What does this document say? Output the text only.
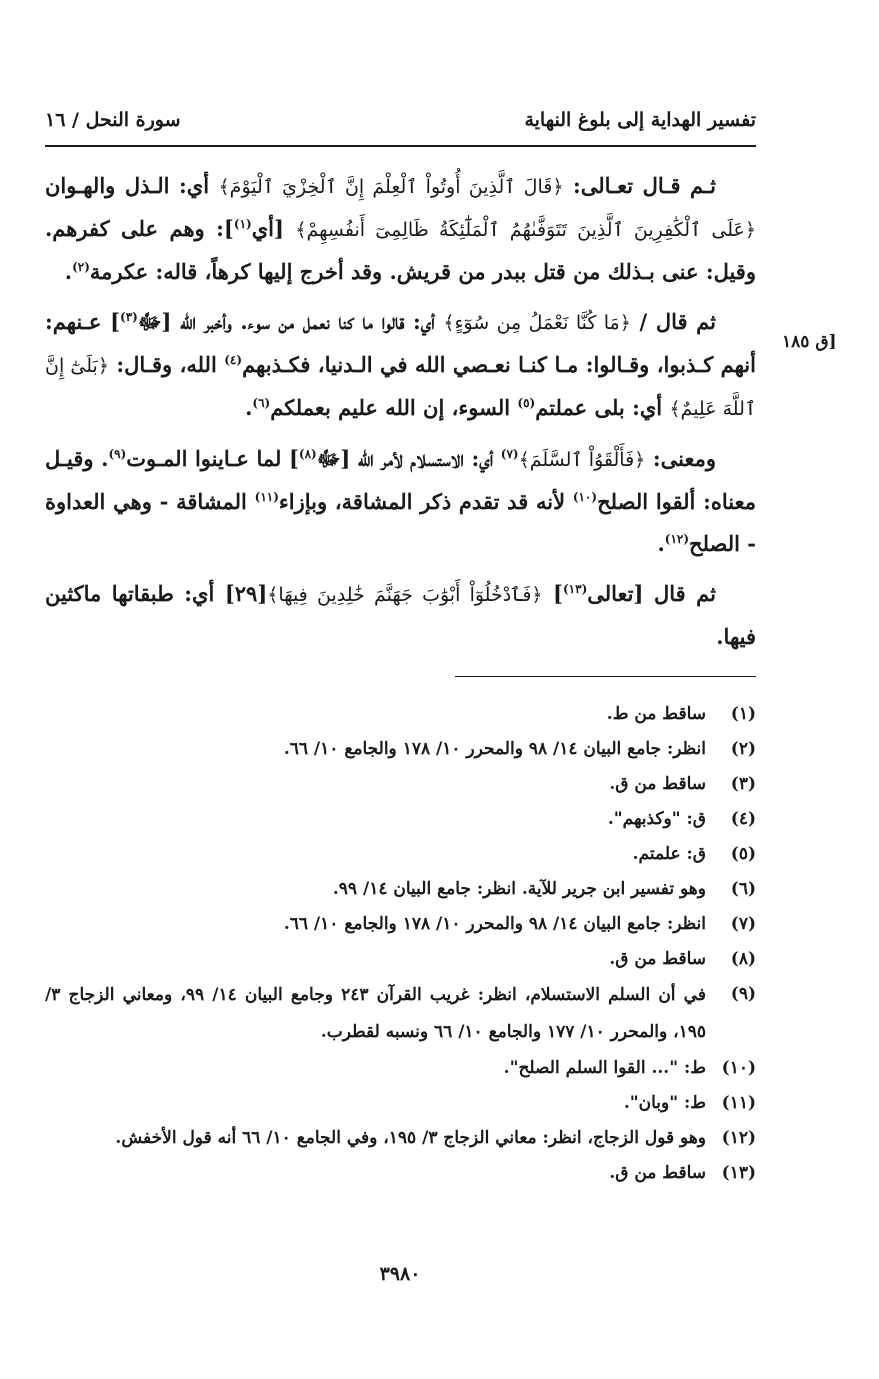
تفسير الهداية إلى بلوغ النهاية
سورة النحل / ١٦
[ق ١٨٥

ثـم قـال تعـالى: ﴿قَالَ ٱلَّذِينَ أُوتُواْ ٱلْعِلْمَ إِنَّ ٱلْخِزْيَ ٱلْيَوْمَ﴾ أي: الـذل والهـوان ﴿عَلَى ٱلْكَٰفِرِينَ ٱلَّذِينَ تَتَوَفَّىٰهُمُ ٱلْمَلَٰٓئِكَةُ ظَالِمِىٓ أَنفُسِهِمْ﴾ [أي$^{(١)}$]: وهم على كفرهم. وقيل: عنى بـذلك من قتل ببدر من قريش. وقد أخرج إليها كرهاً، قاله: عكرمة$^{(٢)}$.

ثم قال / ﴿مَا كُنَّا نَعْمَلُ مِن سُوٓءٍ﴾ أي: قالوا ما كنا نعمل من سوء. وأخبر الله [ﷻ$^{(٣)}$] عـنهم: أنهم كـذبوا، وقـالوا: مـا كنـا نعـصي الله في الـدنيا، فكـذبهم$^{(٤)}$ الله، وقـال: ﴿بَلَىٰٓ إِنَّ ٱللَّهَ عَلِيمٌ﴾ أي: بلى عملتم$^{(٥)}$ السوء، إن الله عليم بعملكم$^{(٦)}$.

ومعنى: ﴿فَأَلْقَوُاْ ٱلسَّلَمَ﴾$^{(٧)}$ أي: الاستسلام لأمر الله [ﷻ$^{(٨)}$] لما عـاينوا المـوت$^{(٩)}$. وقيـل معناه: ألقوا الصلح$^{(١٠)}$ لأنه قد تقدم ذكر المشاقة، وبإزاء$^{(١١)}$ المشاقة - وهي العداوة - الصلح$^{(١٢)}$.

ثم قال [تعالى$^{(١٣)}$] ﴿فَٱدْخُلُوٓاْ أَبْوَٰبَ جَهَنَّمَ خَٰلِدِينَ فِيهَا﴾[٢٩] أي: طبقاتها ماكثين فيها.

(١)
ساقط من ط.
(٢)
انظر: جامع البيان ١٤/ ٩٨ والمحرر ١٠/ ١٧٨ والجامع ١٠/ ٦٦.
(٣)
ساقط من ق.
(٤)
ق: "وكذبهم".
(٥)
ق: علمتم.
(٦)
وهو تفسير ابن جرير للآية. انظر: جامع البيان ١٤/ ٩٩.
(٧)
انظر: جامع البيان ١٤/ ٩٨ والمحرر ١٠/ ١٧٨ والجامع ١٠/ ٦٦.
(٨)
ساقط من ق.
(٩)
في أن السلم الاستسلام، انظر: غريب القرآن ٢٤٣ وجامع البيان ١٤/ ٩٩، ومعاني الزجاج ٣/ ١٩٥، والمحرر ١٠/ ١٧٧ والجامع ١٠/ ٦٦ ونسبه لقطرب.
(١٠)
ط: "... القوا السلم الصلح".
(١١)
ط: "وبان".
(١٢)
وهو قول الزجاج، انظر: معاني الزجاج ٣/ ١٩٥، وفي الجامع ١٠/ ٦٦ أنه قول الأخفش.
(١٣)
ساقط من ق.
٣٩٨٠
